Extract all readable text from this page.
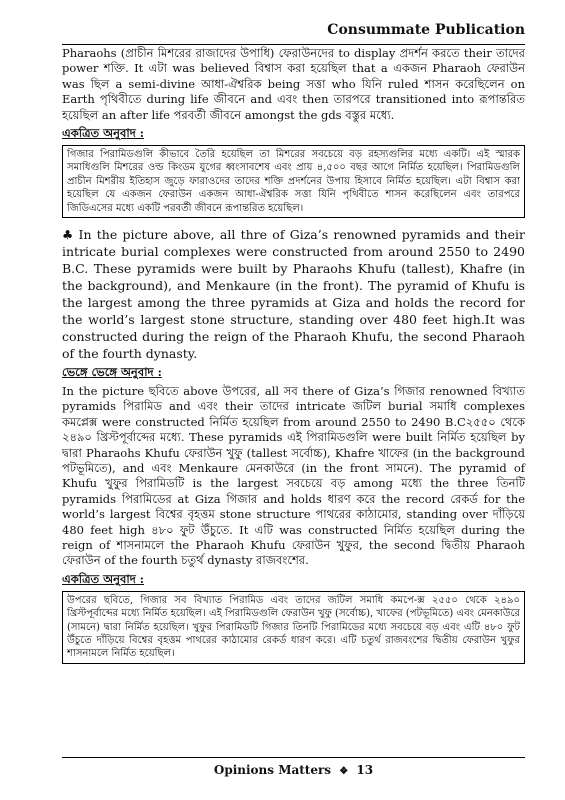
Consummate Publication

Pharaohs (প্রাচীন মিশরের রাজাদের উপাধি) ফেরাউনদের to display প্রদর্শন করতে their তাদের power শক্তি. It এটা was believed বিশ্বাস করা হয়েছিল that a একজন Pharaoh ফেরাউন was ছিল a semi-divine আধা-ঐশ্বরিক being সত্তা who যিনি ruled শাসন করেছিলেন on Earth পৃথিবীতে during life জীবনে and এবং then তারপরে transitioned into রূপান্তরিত হয়েছিল an after life পরবর্তী জীবনে amongst the gds বস্তুর মধ্যে.

একত্রিত অনুবাদ :

গিজার পিরামিডগুলি কীভাবে তৈরি হয়েছিল তা মিশরের সবচেয়ে বড় রহস্যগুলির মধ্যে একটি। এই স্মারক সমাধিগুলি মিশরের ওল্ড কিংডম যুগের ধ্বংসাবশেষ এবং প্রায় ৪,৫০০ বছর আগে নির্মিত হয়েছিল। পিরামিডগুলি প্রাচীন মিশরীয় ইতিহাস জুড়ে ফারাওদের তাদের শক্তি প্রদর্শনের উপায় হিসাবে নির্মিত হয়েছিল। এটা বিশ্বাস করা হয়েছিল যে একজন ফেরাউন একজন আধা-ঐশ্বরিক সত্তা যিনি পৃথিবীতে শাসন করেছিলেন এবং তারপরে জিডিএসের মধ্যে একটি পরবর্তী জীবনে রূপান্তরিত হয়েছিল।

♣ In the picture above, all thre of Giza’s renowned pyramids and their intricate burial complexes were constructed from around 2550 to 2490 B.C. These pyramids were built by Pharaohs Khufu (tallest), Khafre (in the background), and Menkaure (in the front). The pyramid of Khufu is the largest among the three pyramids at Giza and holds the record for the world’s largest stone structure, standing over 480 feet high.It was constructed during the reign of the Pharaoh Khufu, the second Pharaoh of the fourth dynasty.

ভেঙ্গে ভেঙ্গে অনুবাদ :

In the picture ছবিতে above উপরের, all সব there of Giza’s গিজার renowned বিখ্যাত pyramids পিরামিড and এবং their তাদের intricate জটিল burial সমাধি complexes কমপ্লেক্স were constructed নির্মিত হয়েছিল from around 2550 to 2490 B.C২৫৫০ থেকে ২৪৯০ খ্রিস্টপূর্বাব্দের মধ্যে. These pyramids এই পিরামিডগুলি were built নির্মিত হয়েছিল by দ্বারা Pharaohs Khufu ফেরাউন খুফু (tallest সর্বোচ্চ), Khafre খাফের (in the background পটভূমিতে), and এবং Menkaure মেনকাউরে (in the front সামনে). The pyramid of Khufu খুফুর পিরামিডটি is the largest সবচেয়ে বড় among মধ্যে the three তিনটি pyramids পিরামিডের at Giza গিজার and holds ধারণ করে the record রেকর্ড for the world’s largest বিশ্বের বৃহত্তম stone structure পাথরের কাঠামোর, standing over দাঁড়িয়ে 480 feet high ৪৮০ ফুট উঁচুতে. It এটি was constructed নির্মিত হয়েছিল during the reign of শাসনামলে the Pharaoh Khufu ফেরাউন খুফুর, the second দ্বিতীয় Pharaoh ফেরাউন of the fourth চতুর্থ dynasty রাজবংশের.

একত্রিত অনুবাদ :

উপরের ছবিতে, গিজার সব বিখ্যাত পিরামিড এবং তাদের জটিল সমাধি কমপে-ক্স ২৫৫০ থেকে ২৪৯০ খ্রিস্টপূর্বাব্দের মধ্যে নির্মিত হয়েছিল। এই পিরামিডগুলি ফেরাউন খুফু (সর্বোচ্চ), খাফের (পটভূমিতে) এবং মেনকাউরে (সামনে) দ্বারা নির্মিত হয়েছিল। খুফুর পিরামিডটি গিজার তিনটি পিরামিডের মধ্যে সবচেয়ে বড় এবং এটি ৪৮০ ফুট উঁচুতে দাঁড়িয়ে বিশ্বের বৃহত্তম পাথরের কাঠামোর রেকর্ড ধারণ করে। এটি চতুর্থ রাজবংশের দ্বিতীয় ফেরাউন খুফুর শাসনামলে নির্মিত হয়েছিল।

Opinions Matters ❖ 13
